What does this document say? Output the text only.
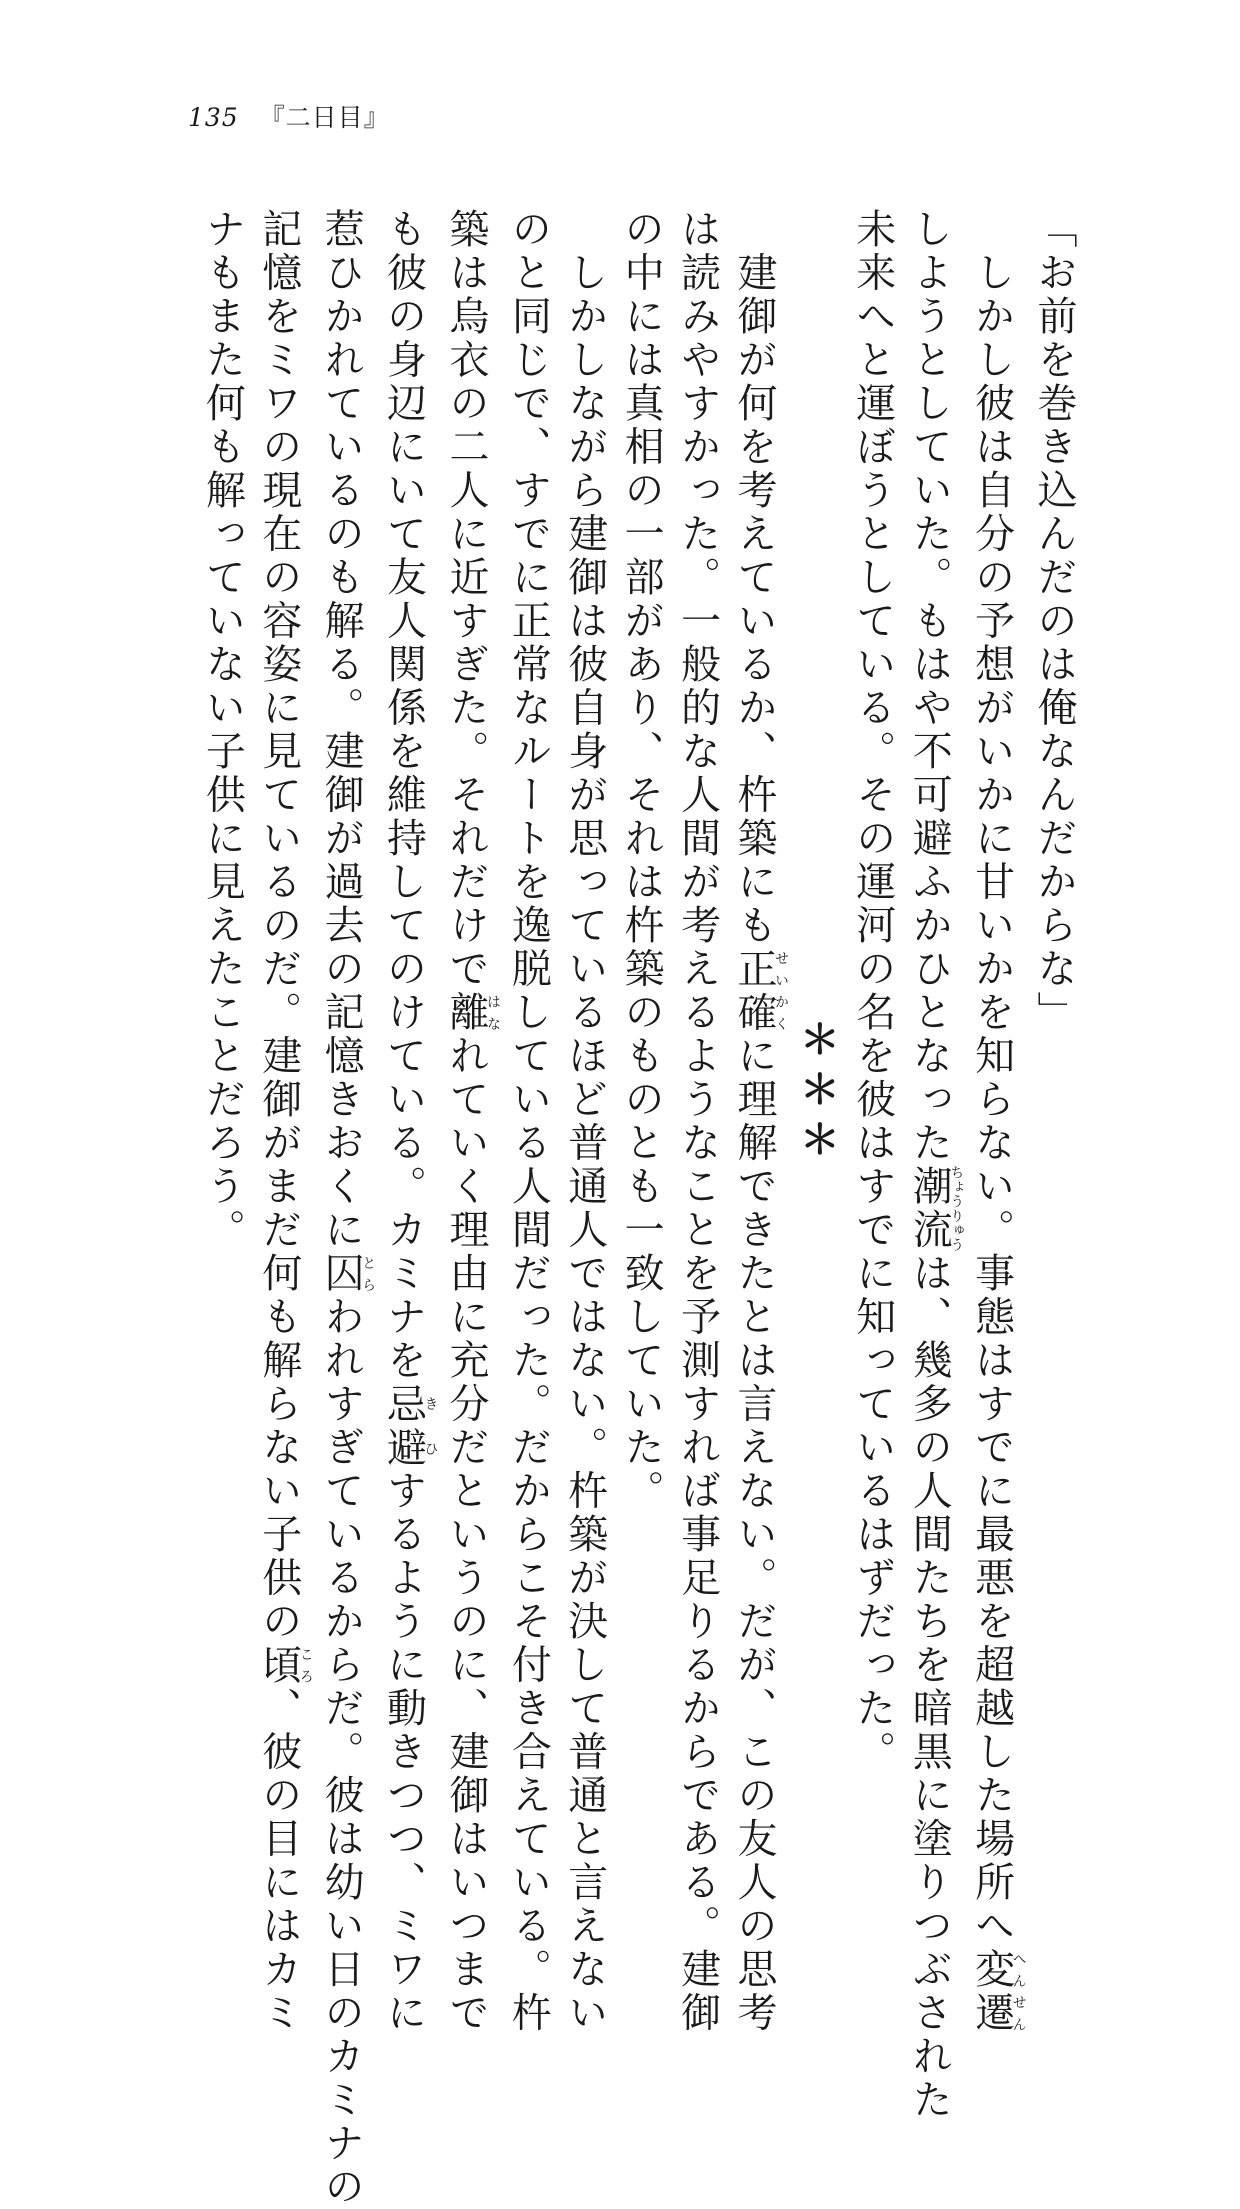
135 『二日目』
「お前を巻き込んだのは俺なんだからな」
　しかし彼は自分の予想がいかに甘いかを知らない。事態はすでに最悪を超越した場所へ変遷へんせん
しようとしていた。もはや不可避ふかひとなった潮流ちょうりゅうは、幾多の人間たちを暗黒に塗りつぶされた
未来へと運ぼうとしている。その運河の名を彼はすでに知っているはずだった。
＊＊＊
　建御が何を考えているか、杵築にも正確せいかくに理解できたとは言えない。だが、この友人の思考
は読みやすかった。一般的な人間が考えるようなことを予測すれば事足りるからである。建御
の中には真相の一部があり、それは杵築のものとも一致していた。
　しかしながら建御は彼自身が思っているほど普通人ではない。杵築が決して普通と言えない
のと同じで、すでに正常なルートを逸脱している人間だった。だからこそ付き合えている。杵
築は烏衣の二人に近すぎた。それだけで離はなれていく理由に充分だというのに、建御はいつまで
も彼の身辺にいて友人関係を維持してのけている。カミナを忌避きひするように動きつつ、ミワに
惹ひかれているのも解る。建御が過去の記憶きおくに囚とらわれすぎているからだ。彼は幼い日のカミナの
記憶をミワの現在の容姿に見ているのだ。建御がまだ何も解らない子供の頃ころ、彼の目にはカミ
ナもまた何も解っていない子供に見えたことだろう。
